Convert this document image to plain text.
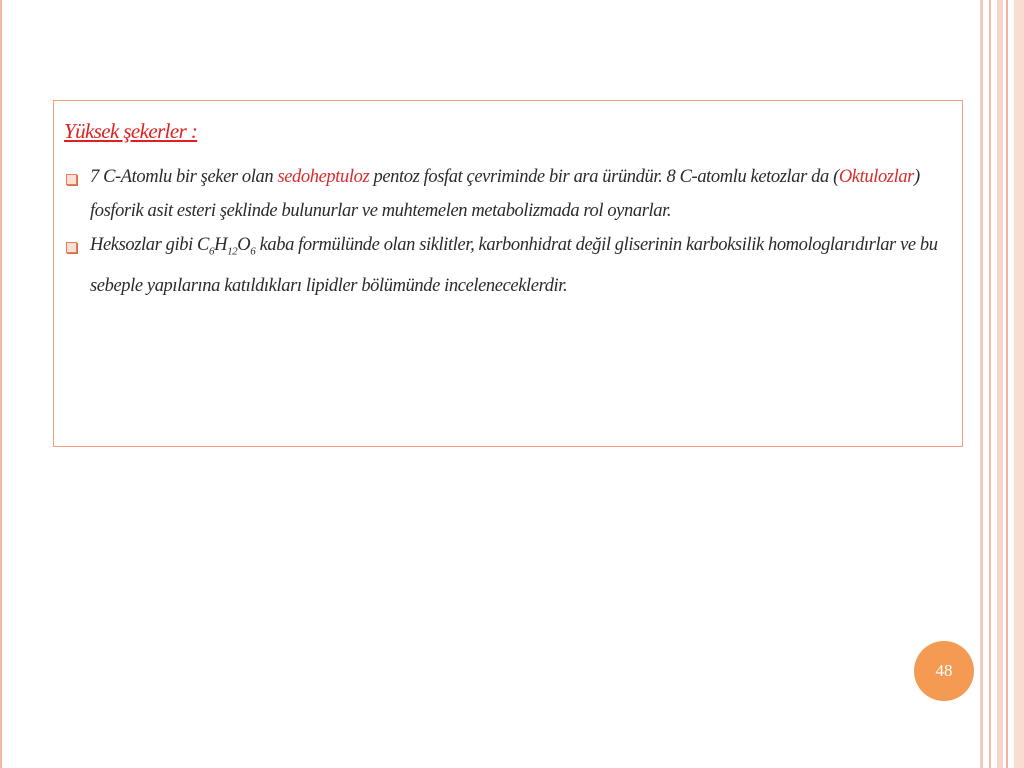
Yüksek şekerler :
7 C-Atomlu bir şeker olan sedoheptuloz pentoz fosfat çevriminde bir ara üründür. 8 C-atomlu ketozlar da (Oktulozlar) fosforik asit esteri şeklinde bulunurlar ve muhtemelen metabolizmada rol oynarlar.
Heksozlar gibi $C_6H_{12}O_6$ kaba formülünde olan siklitler, karbonhidrat değil gliserinin karboksilik homologlarıdırlar ve bu sebeple yapılarına katıldıkları lipidler bölümünde inceleneceklerdir.
48
